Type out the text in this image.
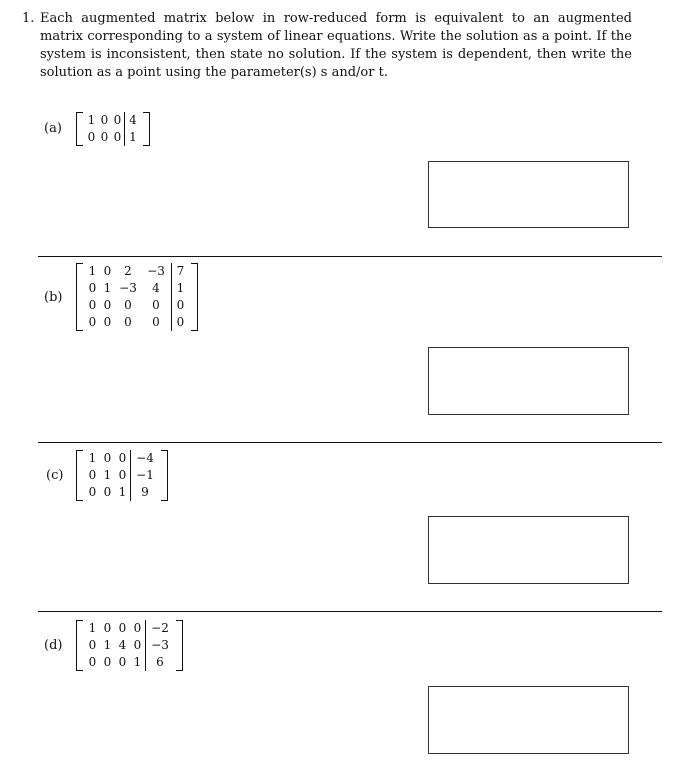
1. Each augmented matrix below in row-reduced form is equivalent to an augmented matrix corresponding to a system of linear equations. Write the solution as a point. If the system is inconsistent, then state no solution. If the system is dependent, then write the solution as a point using the parameter(s) s and/or t.
(a)
1	0	0	4
0	0	0	1
(b)
1	0	2	−3	7
0	1	−3	4	1
0	0	0	0	0
0	0	0	0	0
(c)
1	0	0	−4
0	1	0	−1
0	0	1	9
(d)
1	0	0	0	−2
0	1	4	0	−3
0	0	0	1	6
